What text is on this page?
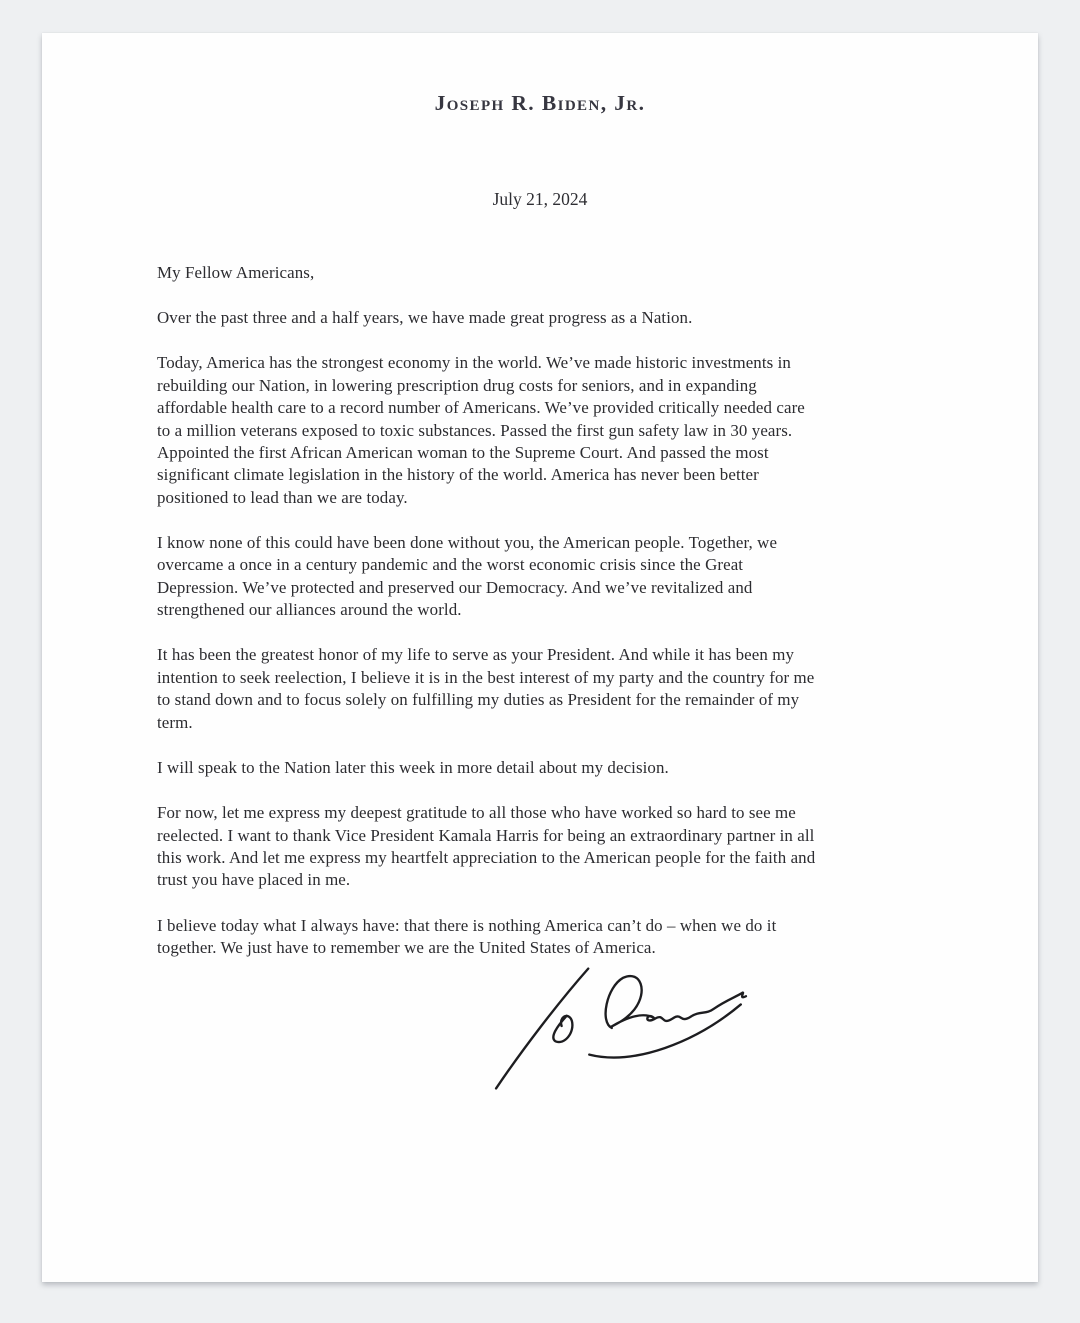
Joseph R. Biden, Jr.
July 21, 2024
My Fellow Americans,
Over the past three and a half years, we have made great progress as a Nation.
Today, America has the strongest economy in the world. We’ve made historic investments in
rebuilding our Nation, in lowering prescription drug costs for seniors, and in expanding
affordable health care to a record number of Americans. We’ve provided critically needed care
to a million veterans exposed to toxic substances. Passed the first gun safety law in 30 years.
Appointed the first African American woman to the Supreme Court. And passed the most
significant climate legislation in the history of the world. America has never been better
positioned to lead than we are today.
I know none of this could have been done without you, the American people. Together, we
overcame a once in a century pandemic and the worst economic crisis since the Great
Depression. We’ve protected and preserved our Democracy. And we’ve revitalized and
strengthened our alliances around the world.
It has been the greatest honor of my life to serve as your President. And while it has been my
intention to seek reelection, I believe it is in the best interest of my party and the country for me
to stand down and to focus solely on fulfilling my duties as President for the remainder of my
term.
I will speak to the Nation later this week in more detail about my decision.
For now, let me express my deepest gratitude to all those who have worked so hard to see me
reelected. I want to thank Vice President Kamala Harris for being an extraordinary partner in all
this work. And let me express my heartfelt appreciation to the American people for the faith and
trust you have placed in me.
I believe today what I always have: that there is nothing America can’t do – when we do it
together. We just have to remember we are the United States of America.
